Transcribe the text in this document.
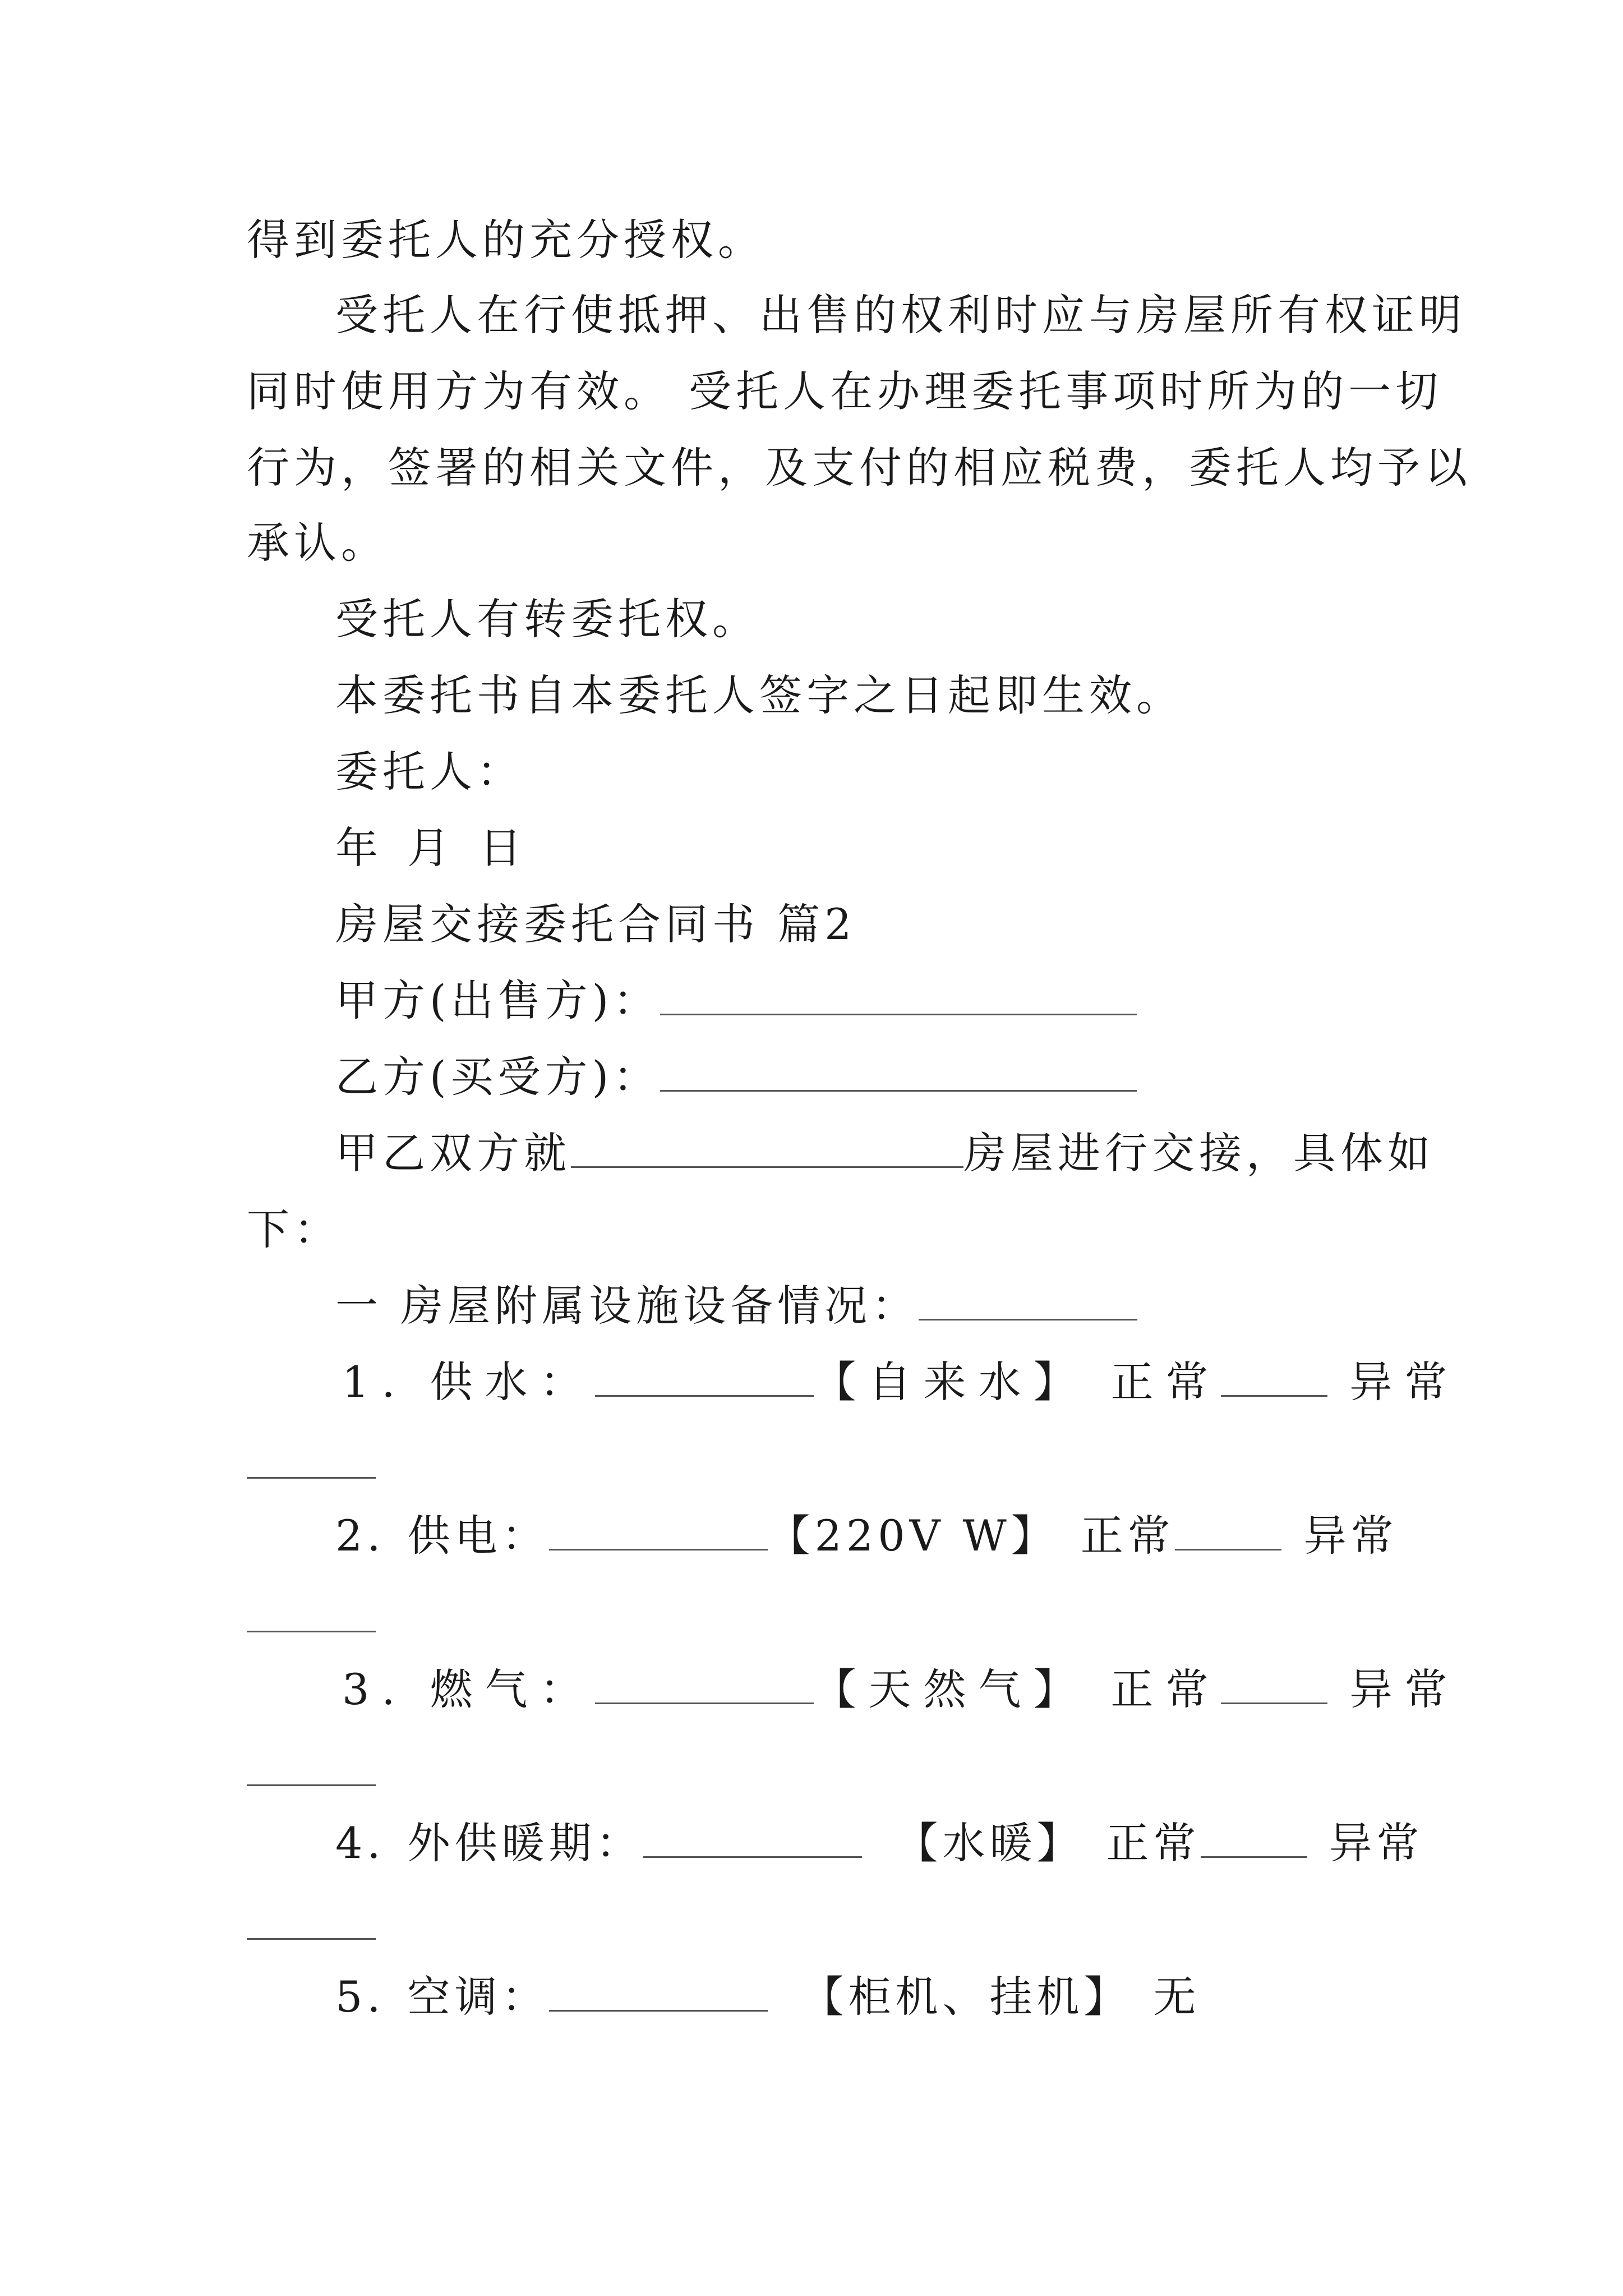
得到委托人的充分授权。
受托人在行使抵押、出售的权利时应与房屋所有权证明
同时使用方为有效。 受托人在办理委托事项时所为的一切
行为，签署的相关文件，及支付的相应税费，委托人均予以
承认。
受托人有转委托权。
本委托书自本委托人签字之日起即生效。
委托人：
年 月 日
房屋交接委托合同书 篇2
甲方(出售方)：
乙方(买受方)：
甲乙双方就	房屋进行交接，具体如
下：
一 房屋附属设施设备情况：
1. 供水：	【自来水】 正常	异常
2. 供电：	【220V W】 正常	异常
3. 燃气：	【天然气】 正常	异常
4. 外供暖期：	【水暖】 正常	异常
5. 空调：	【柜机、挂机】 无
